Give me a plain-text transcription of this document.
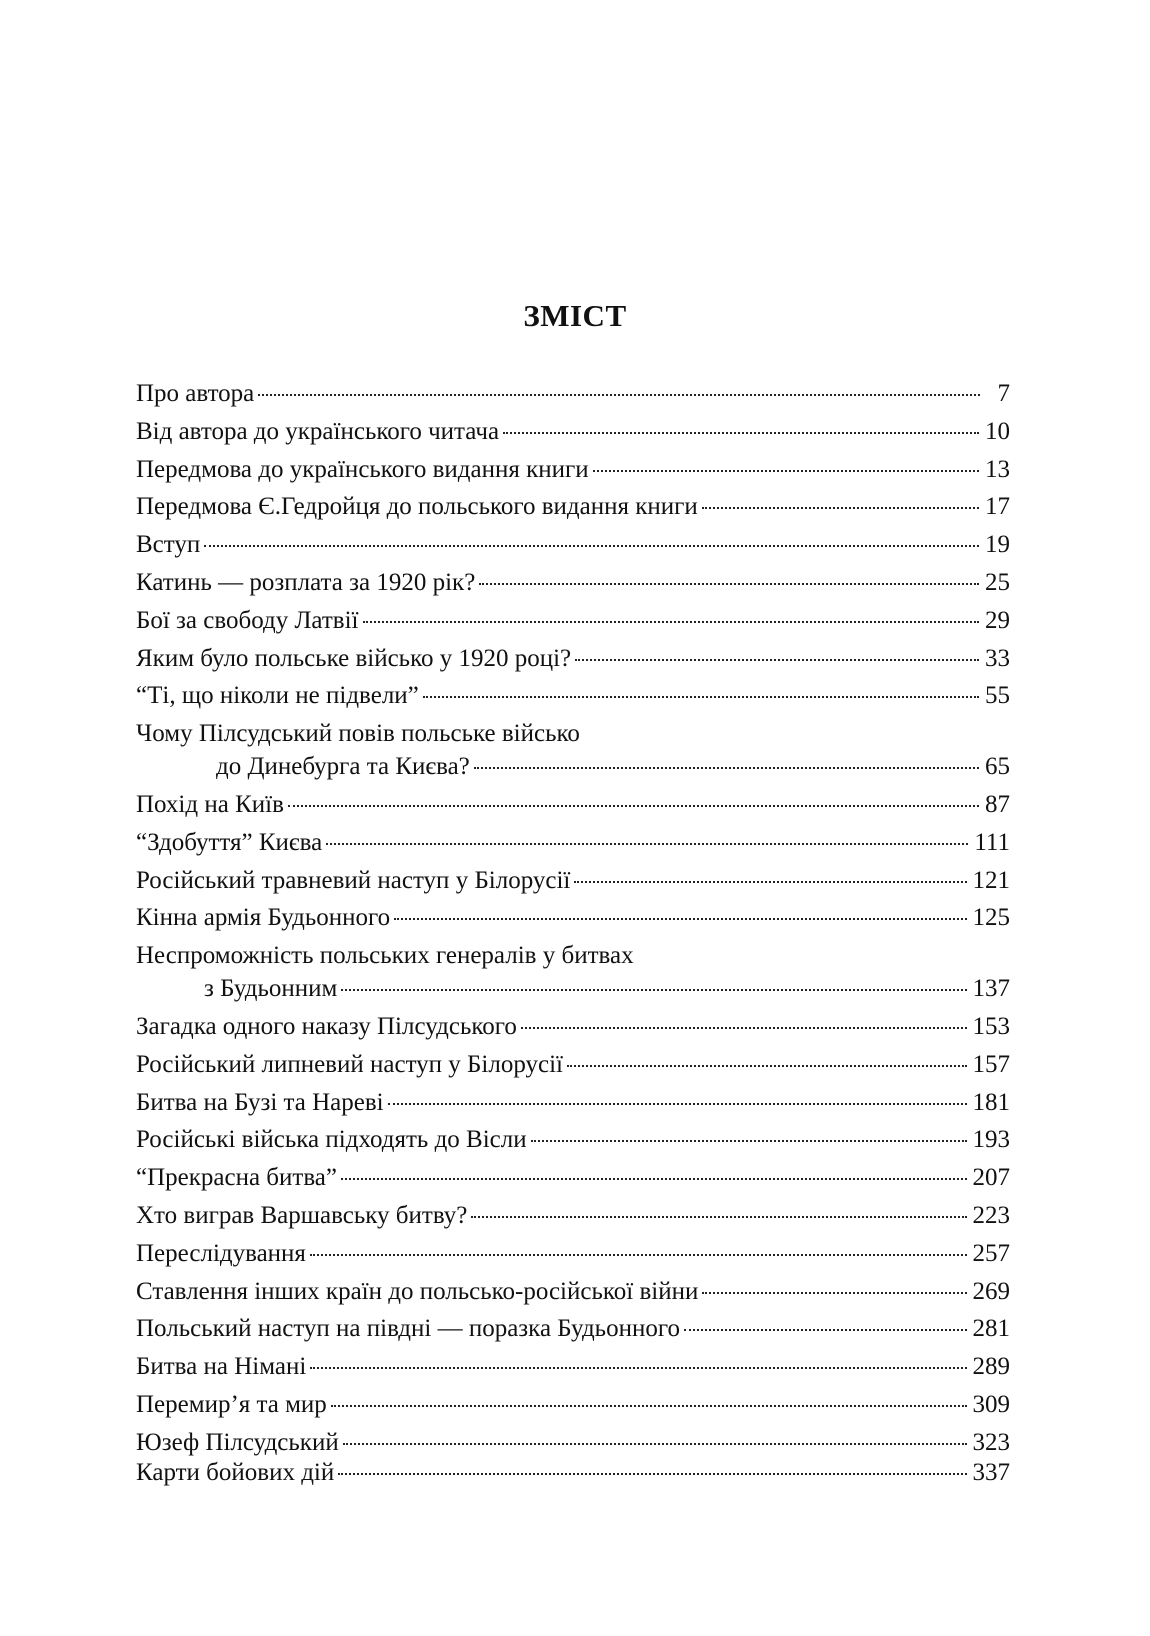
ЗМІСТ
Про автора	7
Від автора до українського читача	10
Передмова до українського видання книги	13
Передмова Є.Гедройця до польського видання книги	17
Вступ	19
Катинь — розплата за 1920 рік?	25
Бої за свободу Латвії	29
Яким було польське військо у 1920 році?	33
“Ті, що ніколи не підвели”	55
Чому Пілсудський повів польське військо
до Динебурга та Києва?	65
Похід на Київ	87
“Здобуття” Києва	111
Російський травневий наступ у Білорусії	121
Кінна армія Будьонного	125
Неспроможність польських генералів у битвах
з Будьонним	137
Загадка одного наказу Пілсудського	153
Російський липневий наступ у Білорусії	157
Битва на Бузі та Нареві	181
Російські війська підходять до Вісли	193
“Прекрасна битва”	207
Хто виграв Варшавську битву?	223
Переслідування	257
Ставлення інших країн до польсько-російської війни	269
Польський наступ на півдні — поразка Будьонного	281
Битва на Німані	289
Перемир’я та мир	309
Юзеф Пілсудський	323
Карти бойових дій	337
